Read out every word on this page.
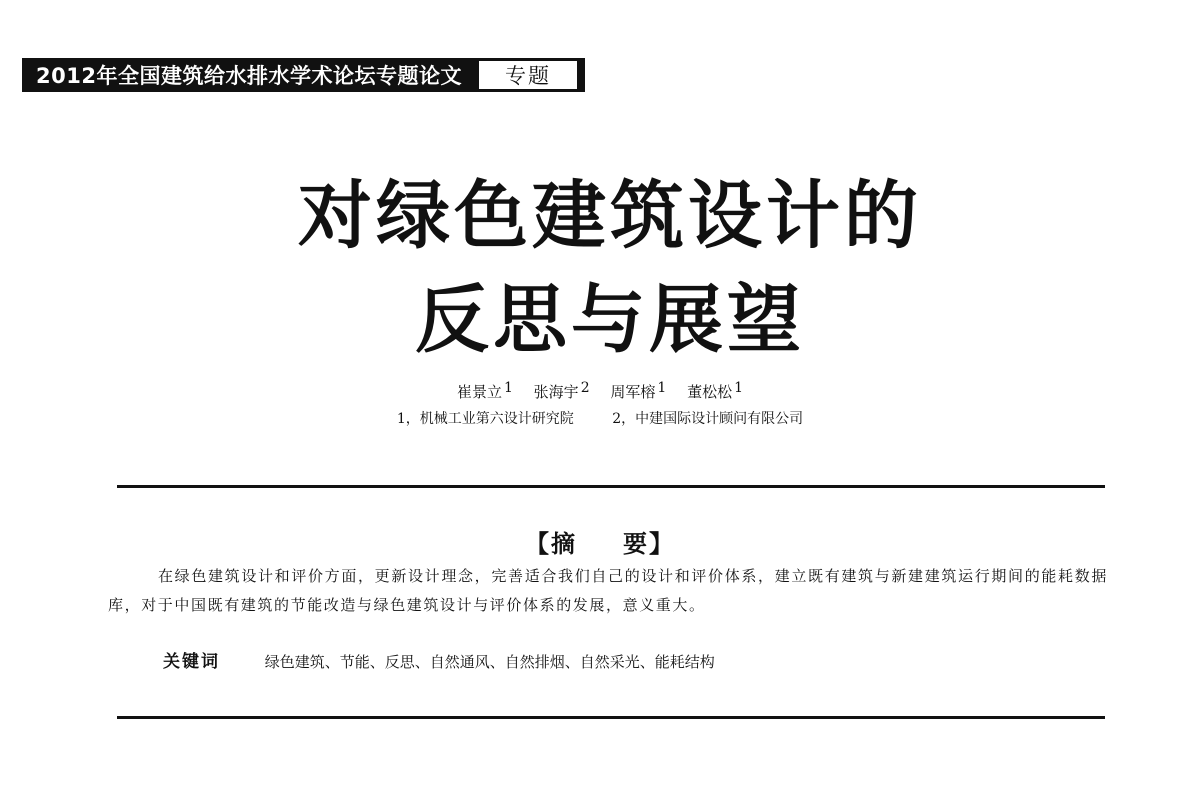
2012年全国建筑给水排水学术论坛专题论文	专题
对绿色建筑设计的
反思与展望
崔景立 $^1$ 张海宇 $^2$ 周军榕 $^1$ 董松松 $^1$
1，机械工业第六设计研究院	2，中建国际设计顾问有限公司
【摘 要】
在绿色建筑设计和评价方面，更新设计理念，完善适合我们自己的设计和评价体系，建立既有建筑与新建建筑运行期间的能耗数据库，对于中国既有建筑的节能改造与绿色建筑设计与评价体系的发展，意义重大。
关键词	绿色建筑、节能、反思、自然通风、自然排烟、自然采光、能耗结构
